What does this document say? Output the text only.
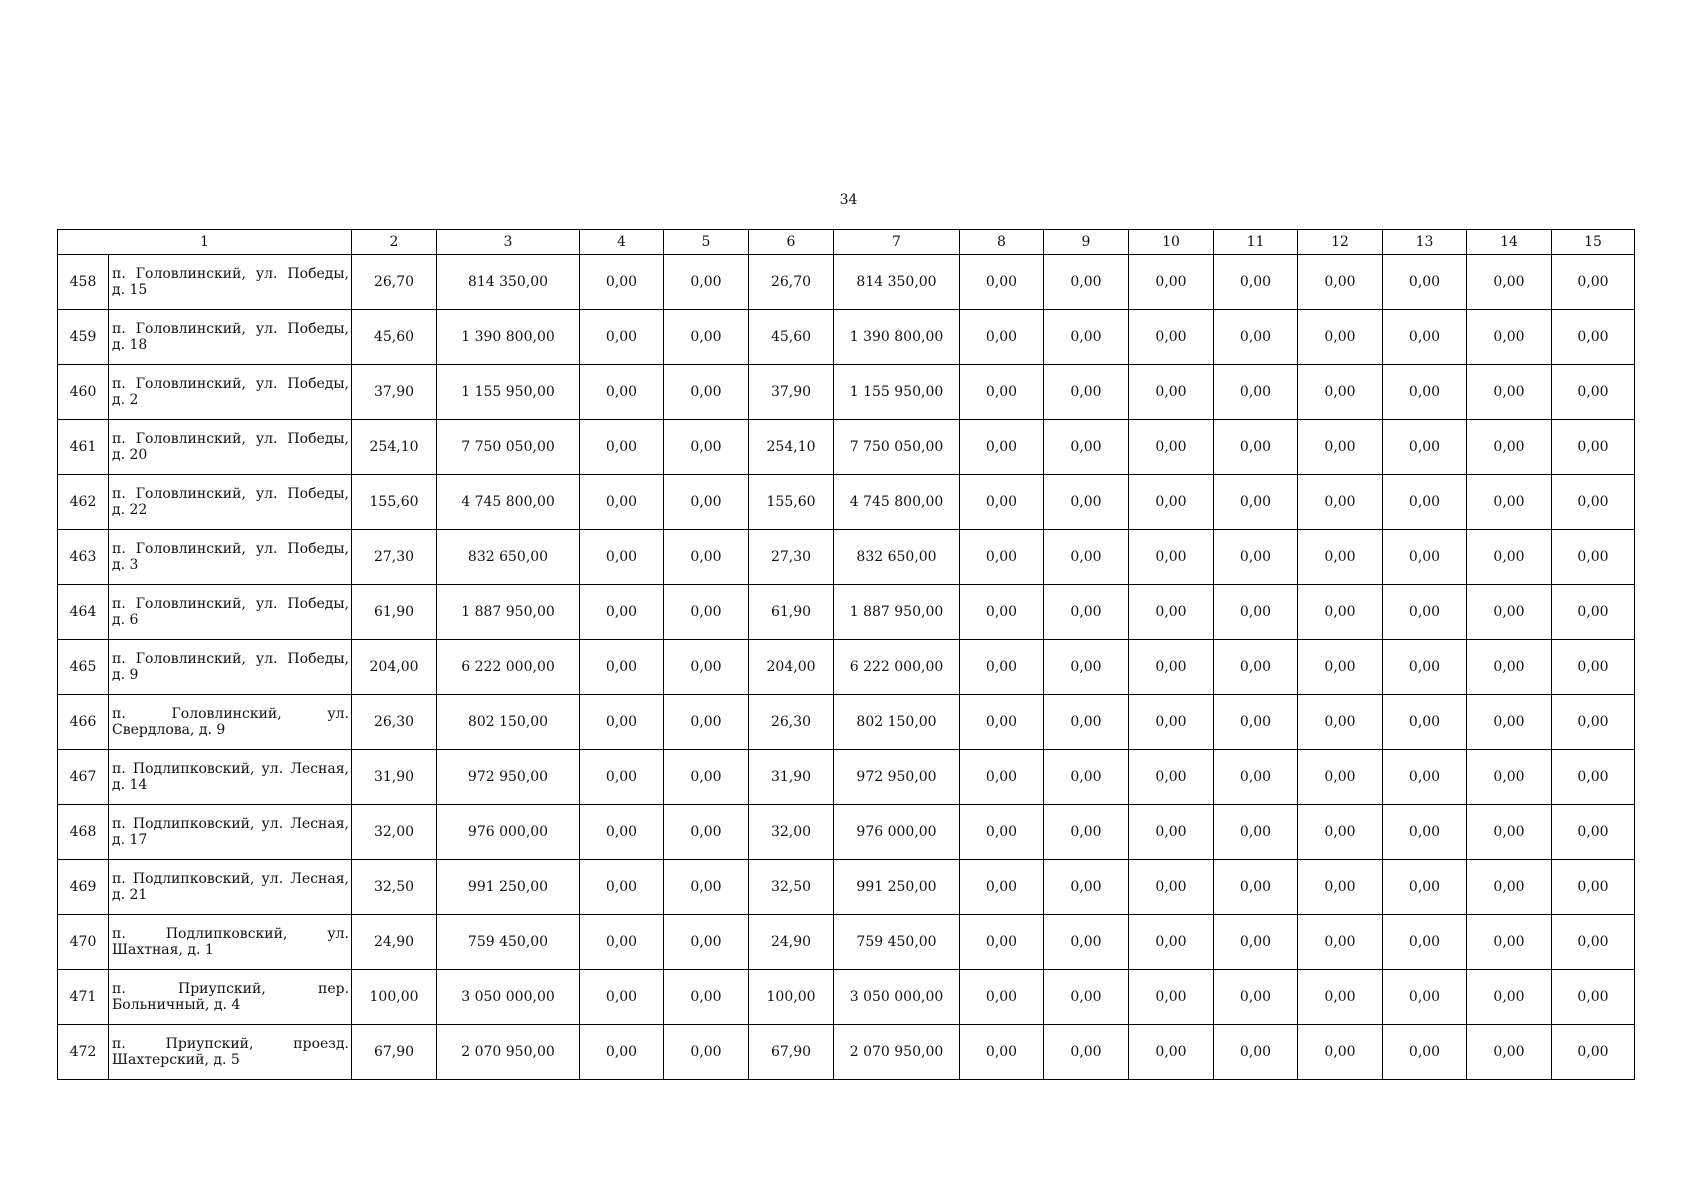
34
1		2	3	4	5	6	7	8	9	10	11	12	13	14	15
458	п. Головлинский, ул. Победы, д. 15	26,70	814 350,00	0,00	0,00	26,70	814 350,00	0,00	0,00	0,00	0,00	0,00	0,00	0,00	0,00
459	п. Головлинский, ул. Победы, д. 18	45,60	1 390 800,00	0,00	0,00	45,60	1 390 800,00	0,00	0,00	0,00	0,00	0,00	0,00	0,00	0,00
460	п. Головлинский, ул. Победы, д. 2	37,90	1 155 950,00	0,00	0,00	37,90	1 155 950,00	0,00	0,00	0,00	0,00	0,00	0,00	0,00	0,00
461	п. Головлинский, ул. Победы, д. 20	254,10	7 750 050,00	0,00	0,00	254,10	7 750 050,00	0,00	0,00	0,00	0,00	0,00	0,00	0,00	0,00
462	п. Головлинский, ул. Победы, д. 22	155,60	4 745 800,00	0,00	0,00	155,60	4 745 800,00	0,00	0,00	0,00	0,00	0,00	0,00	0,00	0,00
463	п. Головлинский, ул. Победы, д. 3	27,30	832 650,00	0,00	0,00	27,30	832 650,00	0,00	0,00	0,00	0,00	0,00	0,00	0,00	0,00
464	п. Головлинский, ул. Победы, д. 6	61,90	1 887 950,00	0,00	0,00	61,90	1 887 950,00	0,00	0,00	0,00	0,00	0,00	0,00	0,00	0,00
465	п. Головлинский, ул. Победы, д. 9	204,00	6 222 000,00	0,00	0,00	204,00	6 222 000,00	0,00	0,00	0,00	0,00	0,00	0,00	0,00	0,00
466	п. Головлинский, ул. Свердлова, д. 9	26,30	802 150,00	0,00	0,00	26,30	802 150,00	0,00	0,00	0,00	0,00	0,00	0,00	0,00	0,00
467	п. Подлипковский, ул. Лесная, д. 14	31,90	972 950,00	0,00	0,00	31,90	972 950,00	0,00	0,00	0,00	0,00	0,00	0,00	0,00	0,00
468	п. Подлипковский, ул. Лесная, д. 17	32,00	976 000,00	0,00	0,00	32,00	976 000,00	0,00	0,00	0,00	0,00	0,00	0,00	0,00	0,00
469	п. Подлипковский, ул. Лесная, д. 21	32,50	991 250,00	0,00	0,00	32,50	991 250,00	0,00	0,00	0,00	0,00	0,00	0,00	0,00	0,00
470	п. Подлипковский, ул. Шахтная, д. 1	24,90	759 450,00	0,00	0,00	24,90	759 450,00	0,00	0,00	0,00	0,00	0,00	0,00	0,00	0,00
471	п. Приупский, пер. Больничный, д. 4	100,00	3 050 000,00	0,00	0,00	100,00	3 050 000,00	0,00	0,00	0,00	0,00	0,00	0,00	0,00	0,00
472	п. Приупский, проезд. Шахтерский, д. 5	67,90	2 070 950,00	0,00	0,00	67,90	2 070 950,00	0,00	0,00	0,00	0,00	0,00	0,00	0,00	0,00
